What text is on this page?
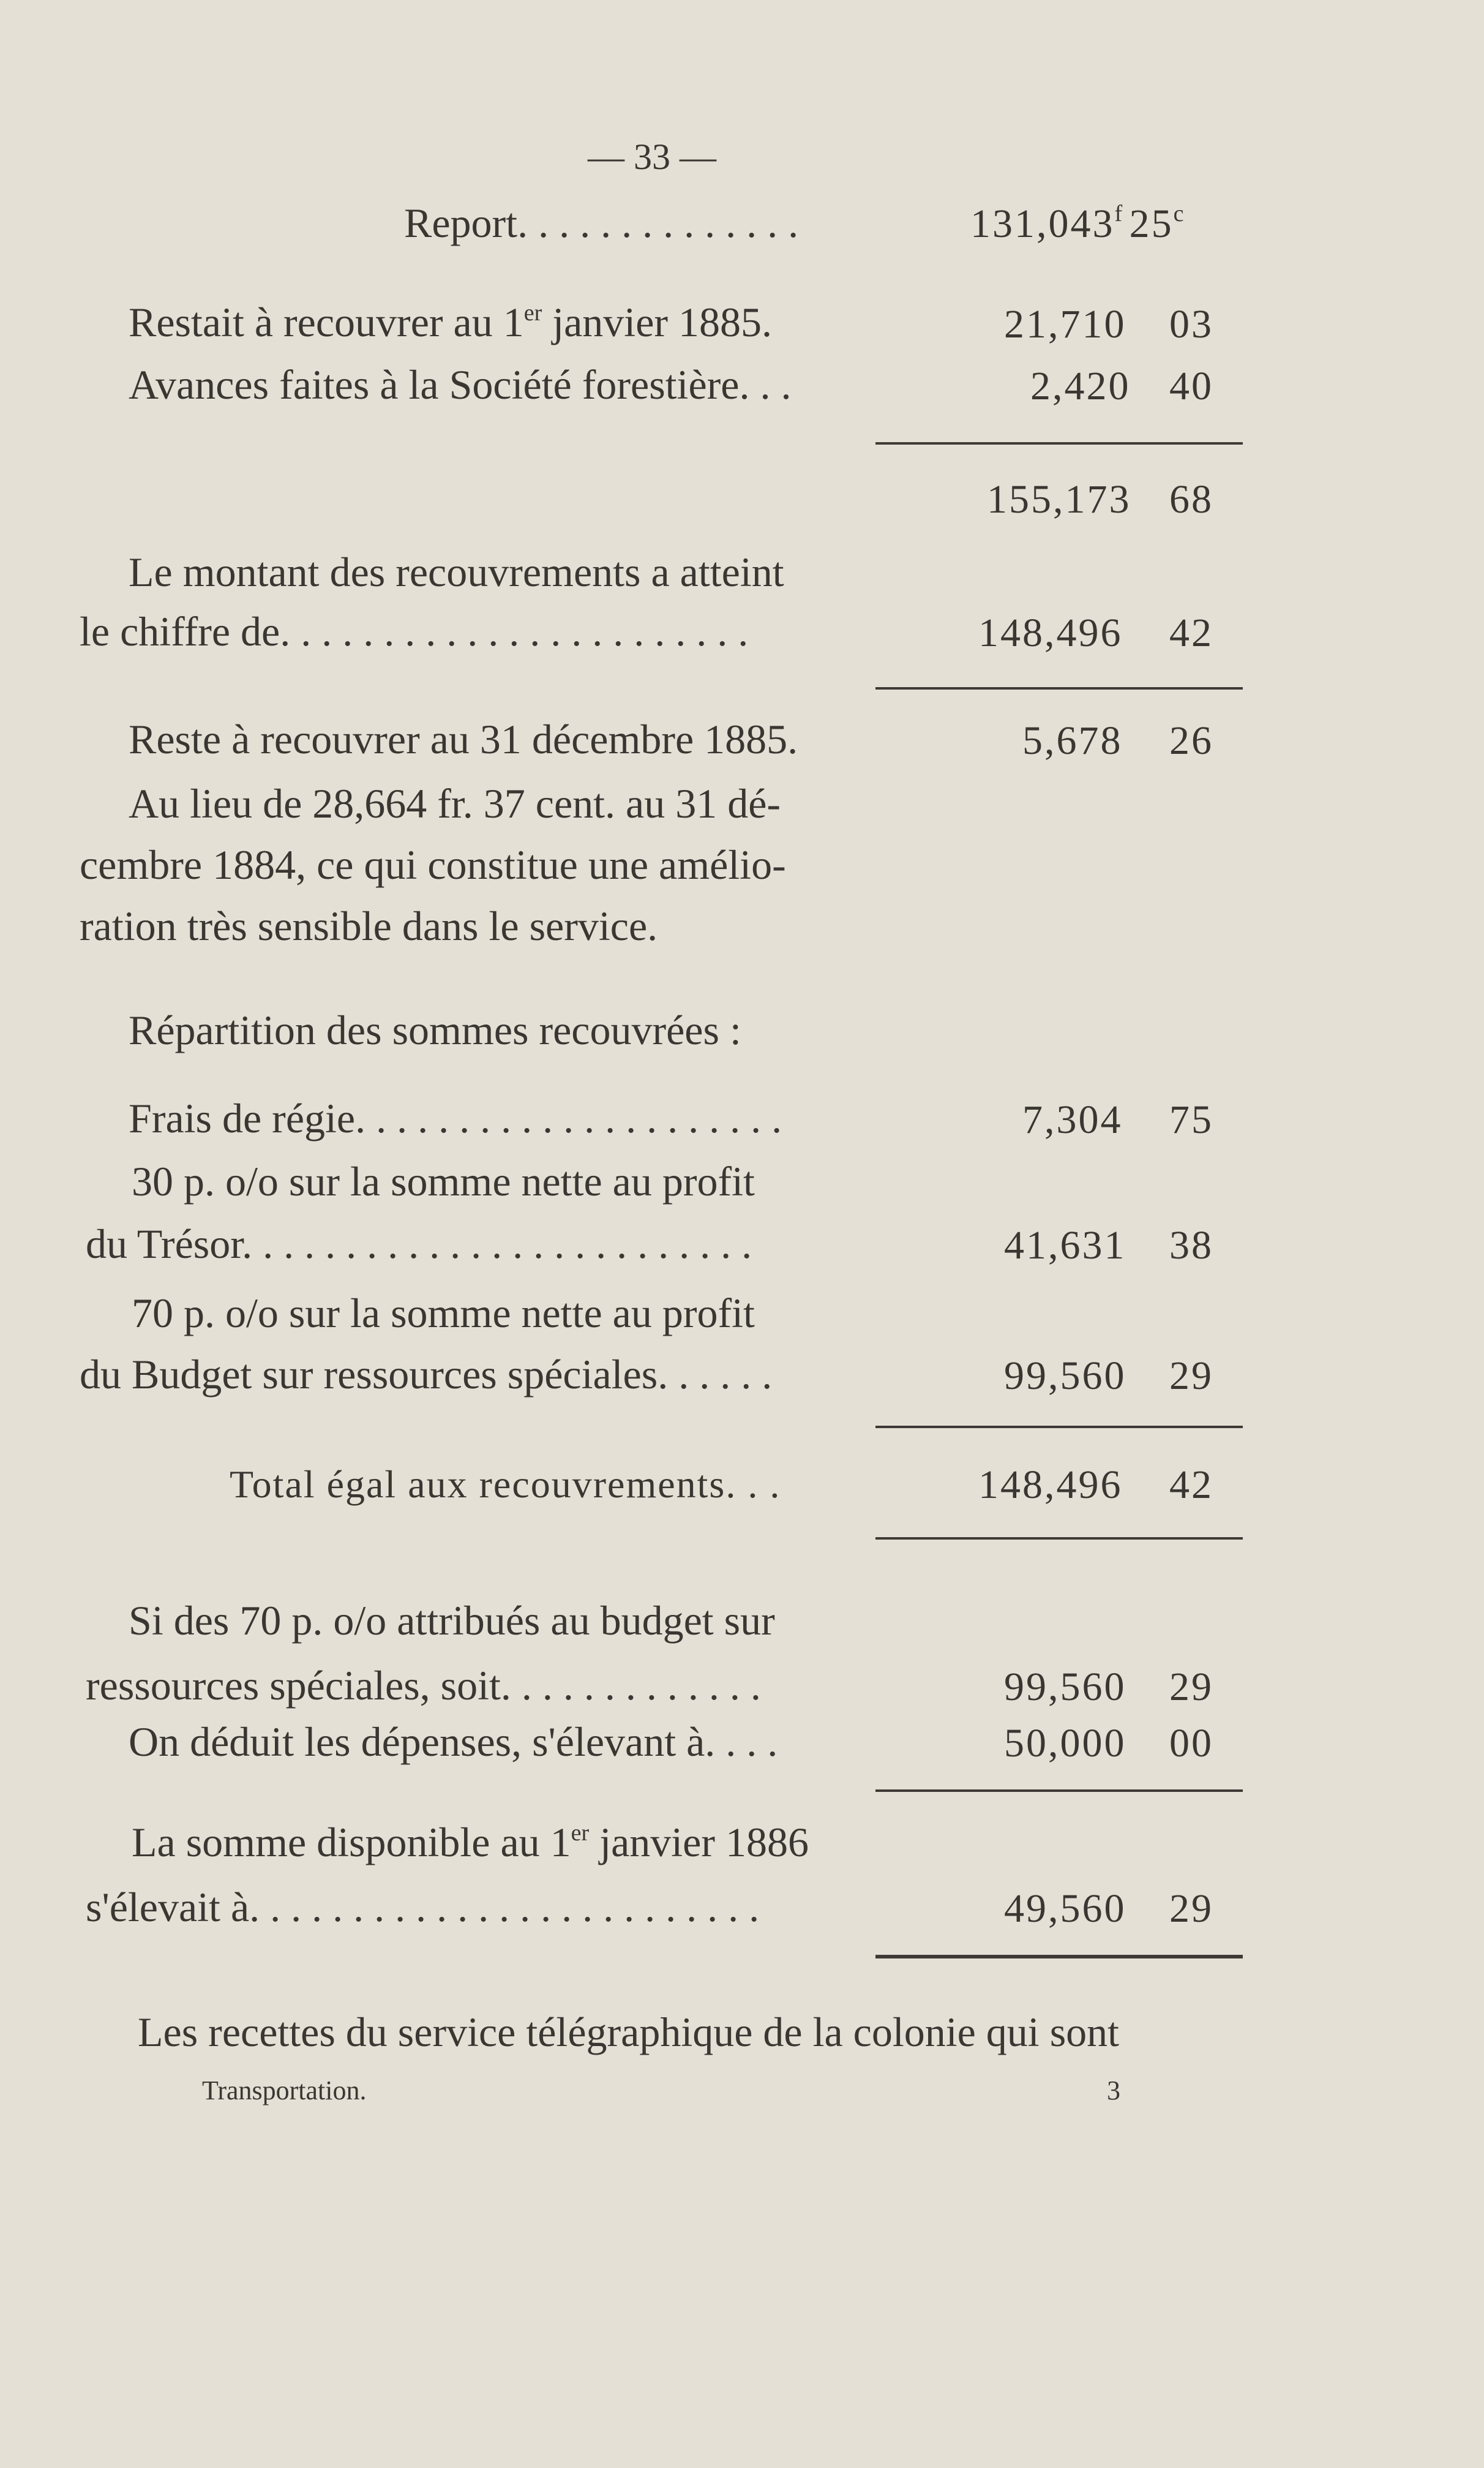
— 33 —
Report. . . . . . . . . . . . . .	131,043$^f$  25$^c$
Restait à recouvrer au 1er janvier 1885.	21,710 03
Avances faites à la Société forestière. . .	2,420 40
155,173 68
Le montant des recouvrements a atteint
le chiffre de. . . . . . . . . . . . . . . . . . . . . . .	148,496 42
Reste à recouvrer au 31 décembre 1885.	5,678 26
Au lieu de 28,664 fr. 37 cent. au 31 dé-
cembre 1884, ce qui constitue une amélio-
ration très sensible dans le service.
Répartition des sommes recouvrées :
Frais de régie. . . . . . . . . . . . . . . . . . . . .	7,304 75
30 p. o/o sur la somme nette au profit
du Trésor. . . . . . . . . . . . . . . . . . . . . . . . .	41,631 38
70 p. o/o sur la somme nette au profit
du Budget sur ressources spéciales. . . . . .	99,560 29
Total égal aux recouvrements. . .	148,496 42
Si des 70 p. o/o attribués au budget sur
ressources spéciales, soit. . . . . . . . . . . . .	99,560 29
On déduit les dépenses, s'élevant à. . . .	50,000 00
La somme disponible au 1er janvier 1886
s'élevait à. . . . . . . . . . . . . . . . . . . . . . . . .	49,560 29
Les recettes du service télégraphique de la colonie qui sont
Transportation.	3
